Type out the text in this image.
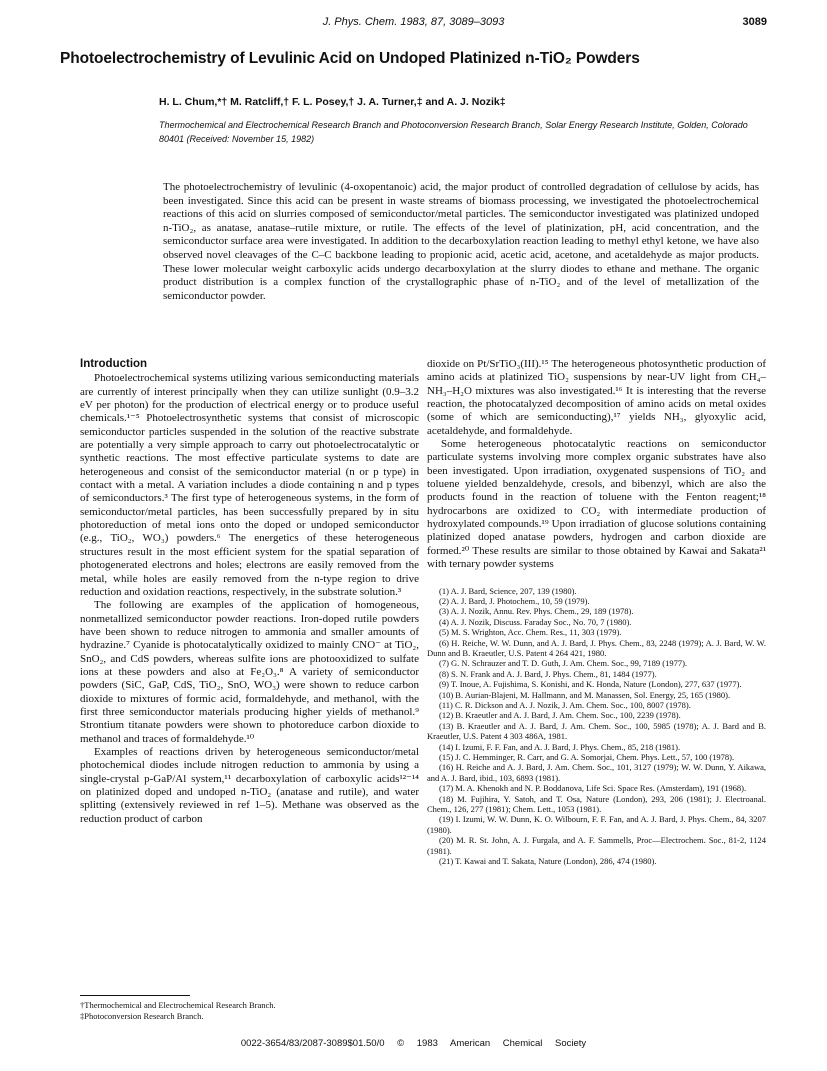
J. Phys. Chem. 1983, 87, 3089–3093	3089
Photoelectrochemistry of Levulinic Acid on Undoped Platinized n-TiO₂ Powders
H. L. Chum,*† M. Ratcliff,† F. L. Posey,† J. A. Turner,‡ and A. J. Nozik‡
Thermochemical and Electrochemical Research Branch and Photoconversion Research Branch, Solar Energy Research Institute, Golden, Colorado 80401 (Received: November 15, 1982)
The photoelectrochemistry of levulinic (4-oxopentanoic) acid, the major product of controlled degradation of cellulose by acids, has been investigated. Since this acid can be present in waste streams of biomass processing, we investigated the photoelectrochemical reactions of this acid on slurries composed of semiconductor/metal particles. The semiconductor investigated was platinized undoped n-TiO₂, as anatase, anatase–rutile mixture, or rutile. The effects of the level of platinization, pH, acid concentration, and the semiconductor surface area were investigated. In addition to the decarboxylation reaction leading to methyl ethyl ketone, we have also observed novel cleavages of the C–C backbone leading to propionic acid, acetic acid, acetone, and acetaldehyde as major products. These lower molecular weight carboxylic acids undergo decarboxylation at the slurry diodes to ethane and methane. The organic product distribution is a complex function of the crystallographic phase of n-TiO₂ and of the level of metallization of the semiconductor powder.
Introduction

Photoelectrochemical systems utilizing various semiconducting materials are currently of interest principally when they can utilize sunlight (0.9–3.2 eV per photon) for the production of electrical energy or to produce useful chemicals.¹⁻⁵ Photoelectrosynthetic systems that consist of microscopic semiconductor particles suspended in the solution of the reactive substrate are potentially a very simple approach to carry out photoelectrocatalytic or synthetic reactions. The most effective particulate systems to date are heterogeneous and consist of the semiconductor material (n or p type) in contact with a metal. A variation includes a diode containing n and p types of semiconductors.³ The first type of heterogeneous systems, in the form of semiconductor/metal particles, has been successfully prepared by in situ photoreduction of metal ions onto the doped or undoped semiconductor (e.g., TiO₂, WO₃) powders.⁶ The energetics of these heterogeneous structures result in the most efficient system for the spatial separation of photogenerated electrons and holes; electrons are easily removed from the metal, while holes are easily removed from the n-type region to drive reduction and oxidation reactions, respectively, in the substrate solution.³

The following are examples of the application of homogeneous, nonmetallized semiconductor powder reactions. Iron-doped rutile powders have been shown to reduce nitrogen to ammonia and smaller amounts of hydrazine.⁷ Cyanide is photocatalytically oxidized to mainly CNO⁻ at TiO₂, SnO₂, and CdS powders, whereas sulfite ions are photooxidized to sulfate ions at these powders and also at Fe₂O₃.⁸ A variety of semiconductor powders (SiC, GaP, CdS, TiO₂, SnO, WO₃) were shown to reduce carbon dioxide to mixtures of formic acid, formaldehyde, and methanol, with the first three semiconductor materials producing higher yields of methanol.⁹ Strontium titanate powders were shown to photoreduce carbon dioxide to methanol and traces of formaldehyde.¹⁰

Examples of reactions driven by heterogeneous semiconductor/metal photochemical diodes include nitrogen reduction to ammonia by using a single-crystal p-GaP/Al system,¹¹ decarboxylation of carboxylic acids¹²⁻¹⁴ on platinized doped and undoped n-TiO₂ (anatase and rutile), and water splitting (extensively reviewed in ref 1–5). Methane was observed as the reduction product of carbon

dioxide on Pt/SrTiO₃(III).¹⁵ The heterogeneous photosynthetic production of amino acids at platinized TiO₂ suspensions by near-UV light from CH₄–NH₃–H₂O mixtures was also investigated.¹⁶ It is interesting that the reverse reaction, the photocatalyzed decomposition of amino acids on metal oxides (some of which are semiconducting),¹⁷ yields NH₃, glyoxylic acid, acetaldehyde, and formaldehyde.

Some heterogeneous photocatalytic reactions on semiconductor particulate systems involving more complex organic substrates have also been investigated. Upon irradiation, oxygenated suspensions of TiO₂ and toluene yielded benzaldehyde, cresols, and bibenzyl, which are also the products found in the reaction of toluene with the Fenton reagent;¹⁸ hydrocarbons are oxidized to CO₂ with intermediate production of hydroxylated compounds.¹⁹ Upon irradiation of glucose solutions containing platinized doped anatase powders, hydrogen and carbon dioxide are formed.²⁰ These results are similar to those obtained by Kawai and Sakata²¹ with ternary powder systems

(1) A. J. Bard, Science, 207, 139 (1980).
(2) A. J. Bard, J. Photochem., 10, 59 (1979).
(3) A. J. Nozik, Annu. Rev. Phys. Chem., 29, 189 (1978).
(4) A. J. Nozik, Discuss. Faraday Soc., No. 70, 7 (1980).
(5) M. S. Wrighton, Acc. Chem. Res., 11, 303 (1979).
(6) H. Reiche, W. W. Dunn, and A. J. Bard, J. Phys. Chem., 83, 2248 (1979); A. J. Bard, W. W. Dunn and B. Kraeutler, U.S. Patent 4 264 421, 1980.
(7) G. N. Schrauzer and T. D. Guth, J. Am. Chem. Soc., 99, 7189 (1977).
(8) S. N. Frank and A. J. Bard, J. Phys. Chem., 81, 1484 (1977).
(9) T. Inoue, A. Fujishima, S. Konishi, and K. Honda, Nature (London), 277, 637 (1977).
(10) B. Aurian-Blajeni, M. Hallmann, and M. Manassen, Sol. Energy, 25, 165 (1980).
(11) C. R. Dickson and A. J. Nozik, J. Am. Chem. Soc., 100, 8007 (1978).
(12) B. Kraeutler and A. J. Bard, J. Am. Chem. Soc., 100, 2239 (1978).
(13) B. Kraeutler and A. J. Bard, J. Am. Chem. Soc., 100, 5985 (1978); A. J. Bard and B. Kraeutler, U.S. Patent 4 303 486A, 1981.
(14) I. Izumi, F. F. Fan, and A. J. Bard, J. Phys. Chem., 85, 218 (1981).
(15) J. C. Hemminger, R. Carr, and G. A. Somorjai, Chem. Phys. Lett., 57, 100 (1978).
(16) H. Reiche and A. J. Bard, J. Am. Chem. Soc., 101, 3127 (1979); W. W. Dunn, Y. Aikawa, and A. J. Bard, ibid., 103, 6893 (1981).
(17) M. A. Khenokh and N. P. Boddanova, Life Sci. Space Res. (Amsterdam), 191 (1968).
(18) M. Fujihira, Y. Satoh, and T. Osa, Nature (London), 293, 206 (1981); J. Electroanal. Chem., 126, 277 (1981); Chem. Lett., 1053 (1981).
(19) I. Izumi, W. W. Dunn, K. O. Wilbourn, F. F. Fan, and A. J. Bard, J. Phys. Chem., 84, 3207 (1980).
(20) M. R. St. John, A. J. Furgala, and A. F. Sammells, Proc—Electrochem. Soc., 81-2, 1124 (1981).
(21) T. Kawai and T. Sakata, Nature (London), 286, 474 (1980).
†Thermochemical and Electrochemical Research Branch.
‡Photoconversion Research Branch.
0022-3654/83/2087-3089$01.50/0 © 1983 American Chemical Society
